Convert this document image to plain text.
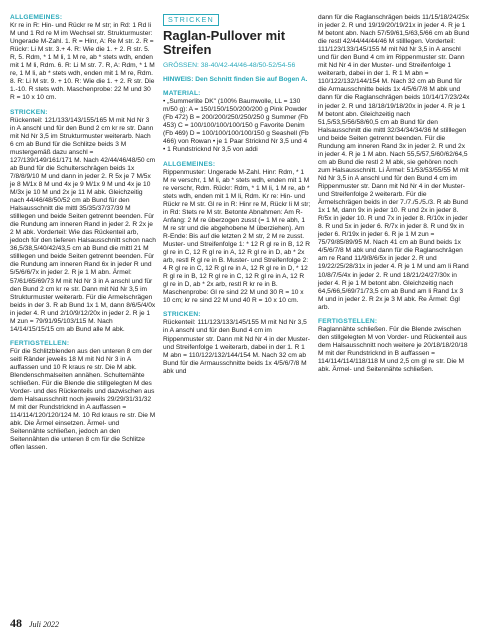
ALLGEMEINES:

Kr re in R: Hin- und Rückr re M str; in Rd: 1 Rd li M und 1 Rd re M im Wechsel str. Strukturmuster: Ungerade M-Zahl. 1. R = Hinr, A: Re M str. 2. R = Rückr: Li M str. 3.+ 4. R: Wie die 1. + 2. R str. 5. R, 5. Rdm, * 1 M li, 1 M re, ab * stets wdh, enden mit 1 M li, Rdm. 6. R: Li M str. 7. R, A: Rdm, * 1 M re, 1 M li, ab * stets wdh, enden mit 1 M re, Rdm. 8. R: Li M str. 9. + 10. R: Wie die 1. + 2. R str. Die 1.-10. R stets wdh. Maschenprobe: 22 M und 30 R = 10 x 10 cm.

STRICKEN:

Rückenteil: 121/133/143/155/165 M mit Nd Nr 3 in A anschl und für den Bund 2 cm kr re str. Dann mit Nd Nr 3,5 im Strukturmuster weiterarb. Nach 6 cm ab Bund für die Schlitze beids 3 M mustergemäß dazu anschl = 127/139/149/161/171 M. Nach 42/44/46/48/50 cm ab Bund für die Schulterschrägen beids 1x 7/8/8/9/10 M und dann in jeder 2. R 5x je 7 M/5x je 8 M/1x 8 M und 4x je 9 M/1x 9 M und 4x je 10 M/3x je 10 M und 2x je 11 M abk. Gleichzeitig nach 44/46/48/50/52 cm ab Bund für den Halsausschnitt die mittl 35/35/37/37/39 M stilllegen und beide Seiten getrennt beenden. Für die Rundung am inneren Rand in jeder 2. R 2x je 2 M abk. Vorderteil: Wie das Rückenteil arb, jedoch für den tieferen Halsausschnitt schon nach 36,5/38,5/40/42/43,5 cm ab Bund die mittl 21 M stilllegen und beide Seiten getrennt beenden. Für die Rundung am inneren Rand 6x in jeder R und 5/5/6/6/7x in jeder 2. R je 1 M abn. Ärmel: 57/61/65/69/73 M mit Nd Nr 3 in A anschl und für den Bund 2 cm kr re str. Dann mit Nd Nr 3,5 im Strukturmuster weiterarb. Für die Armelschrägen beids in der 3. R ab Bund 1x 1 M, dann 8/6/5/4/0x in jeder 4. R und 2/10/9/12/20x in jeder 2. R je 1 M zun = 79/91/95/103/115 M. Nach 14/14/15/15/15 cm ab Bund alle M abk.

FERTIGSTELLEN:

Für die Schlitzblenden aus den unteren 8 cm der seitl Ränder jeweils 18 M mit Nd Nr 3 in A auffassen und 10 R kraus re str. Die M abk. Blendenschmalseiten annähen. Schulternähte schließen. Für die Blende die stillgelegten M des Vorder- und des Rückenteils und dazwischen aus dem Halsausschnitt noch jeweils 29/29/31/31/32 M mit der Rundstricknd in A auffassen = 114/114/120/120/124 M. 10 Rd kraus re str. Die M abk. Die Ärmel einsetzen. Ärmel- und Seitennähte schließen, jedoch an den Seitennähten die unteren 8 cm für die Schlitze offen lassen.

STRICKEN
Raglan-Pullover mit Streifen
GRÖSSEN: 38-40/42-44/46-48/50-52/54-56
HINWEIS: Den Schnitt finden Sie auf Bogen A.
MATERIAL:

• „Summerlite DK" (100% Baumwolle, LL = 130 m/50 g): A = 150/150/150/200/200 g Pink Powder (Fb 472) B = 200/200/250/250/250 g Summer (Fb 453) C = 100/100/100/100/150 g Favorite Denim (Fb 469) D = 100/100/100/100/150 g Seashell (Fb 466) von Rowan • je 1 Paar Stricknd Nr 3,5 und 4 • 1 Rundstricknd Nr 3,5 von addi

ALLGEMEINES:

Rippenmuster: Ungerade M-Zahl. Hinr: Rdm, * 1 M re verschr, 1 M li, ab * stets wdh, enden mit 1 M re verschr, Rdm. Rückr: Rdm, * 1 M li, 1 M re, ab * stets wdh, enden mit 1 M li, Rdm. Kr re: Hin- und Rückr re M str. Gl re in R: Hinr re M, Rückr li M str; in Rd: Stets re M str. Betonte Abnahmen: Am R-Anfang: 2 M re überzogen zusst (= 1 M re abh, 1 M re str und die abgehobene M überziehen). Am R-Ende: Bis auf die letzten 2 M str, 2 M re zusst. Muster- und Streifenfolge 1: * 12 R gl re in B, 12 R gl re in C, 12 R gl re in A, 12 R gl re in D, ab * 2x arb, restl R gl re in B. Muster- und Streifenfolge 2: 4 R gl re in C, 12 R gl re in A, 12 R gl re in D, * 12 R gl re in B, 12 R gl re in C, 12 R gl re in A, 12 R gl re in D, ab * 2x arb, restl R kr re in B. Maschenprobe: Gl re sind 22 M und 30 R = 10 x 10 cm; kr re sind 22 M und 40 R = 10 x 10 cm.

STRICKEN:

Rückenteil: 111/123/133/145/155 M mit Nd Nr 3,5 in A anschl und für den Bund 4 cm im Rippenmuster str. Dann mit Nd Nr 4 in der Muster- und Streifenfolge 1 weiterarb, dabei in der 1. R 1 M abn = 110/122/132/144/154 M. Nach 32 cm ab Bund für die Armausschnitte beids 1x 4/5/6/7/8 M abk und

dann für die Raglanschrägen beids 11/15/18/24/25x in jeder 2. R und 19/19/20/19/21x in jeder 4. R je 1 M betont abn. Nach 57/59/61,5/63,5/66 cm ab Bund die restl 42/44/44/44/46 M stilllegen. Vorderteil: 111/123/133/145/155 M mit Nd Nr 3,5 in A anschl und für den Bund 4 cm im Rippenmuster str. Dann mit Nd Nr 4 in der Muster- und Streifenfolge 1 weiterarb, dabei in der 1. R 1 M abn = 110/122/132/144/154 M. Nach 32 cm ab Bund für die Armausschnitte beids 1x 4/5/6/7/8 M abk und dann für die Raglanschrägen beids 10/14/17/23/24x in jeder 2. R und 18/18/19/18/20x in jeder 4. R je 1 M betont abn. Gleichzeitig nach 51,5/53,5/56/58/60,5 cm ab Bund für den Halsausschnitt die mittl 32/34/34/34/36 M stilllegen und beide Seiten getrennt beenden. Für die Rundung am inneren Rand 3x in jeder 2. R und 2x in jeder 4. R je 1 M abn. Nach 55,5/57,5/60/62/64,5 cm ab Bund die restl 2 M abk, sie gehören noch zum Halsausschnitt. Li Ärmel: 51/53/53/55/55 M mit Nd Nr 3,5 in A anschl und für den Bund 4 cm im Rippenmuster str. Dann mit Nd Nr 4 in der Muster- und Streifenfolge 2 weiterarb. Für die Ärmelschrägen beids in der 7./7./5./5./3. R ab Bund 1x 1 M, dann 9x in jeder 10. R und 2x in jeder 8. R/5x in jeder 10. R und 7x in jeder 8. R/10x in jeder 8. R und 5x in jeder 6. R/7x in jeder 8. R und 9x in jeder 6. R/19x in jeder 6. R je 1 M zun = 75/79/85/89/95 M. Nach 41 cm ab Bund beids 1x 4/5/6/7/8 M abk und dann für die Raglanschrägen am re Rand 11/9/8/6/5x in jeder 2. R und 19/22/25/28/31x in jeder 4. R je 1 M und am li Rand 10/8/7/5/4x in jeder 2. R und 18/21/24/27/30x in jeder 4. R je 1 M betont abn. Gleichzeitig nach 64,5/66,5/69/71/73,5 cm ab Bund am li Rand 1x 3 M und in jeder 2. R 2x je 3 M abk. Re Ärmel: Ggl arb.

FERTIGSTELLEN:

Raglannähte schließen. Für die Blende zwischen den stillgelegten M von Vorder- und Rückenteil aus dem Halsausschnitt noch weitere je 20/18/18/20/18 M mit der Rundstricknd in B auffassen = 114/114/114/118/118 M und 2,5 cm gl re str. Die M abk. Ärmel- und Seitennähte schließen.

48 Juli 2022
